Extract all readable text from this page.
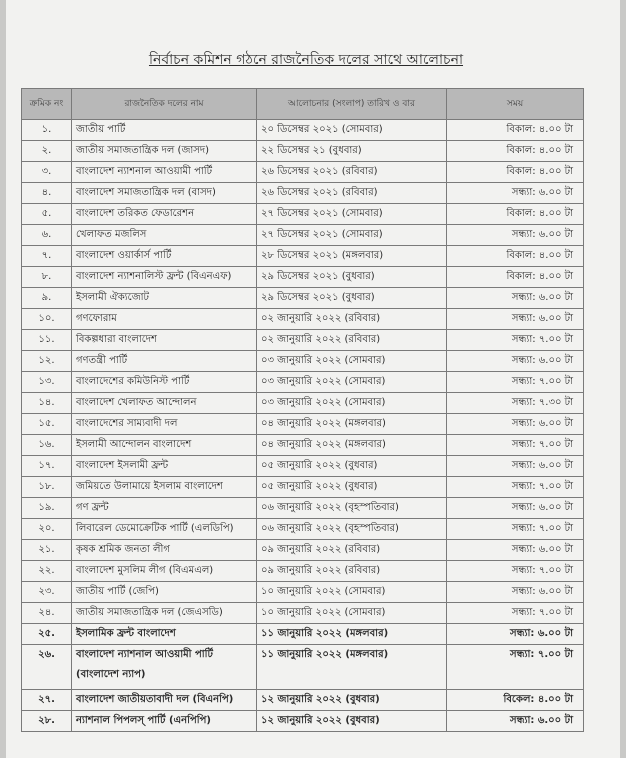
নির্বাচন কমিশন গঠনে রাজনৈতিক দলের সাথে আলোচনা
ক্রমিক নং	রাজনৈতিক দলের নাম	আলোচনার (সংলাপ) তারিখ ও বার	সময়
১.	জাতীয় পার্টি	২০ ডিসেম্বর ২০২১ (সোমবার)	বিকাল: ৪.০০ টা
২.	জাতীয় সমাজতান্ত্রিক দল (জাসদ)	২২ ডিসেম্বর ২১ (বুধবার)	বিকাল: ৪.০০ টা
৩.	বাংলাদেশ ন্যাশনাল আওয়ামী পার্টি	২৬ ডিসেম্বর ২০২১ (রবিবার)	বিকাল: ৪.০০ টা
৪.	বাংলাদেশ সমাজতান্ত্রিক দল (বাসদ)	২৬ ডিসেম্বর ২০২১ (রবিবার)	সন্ধ্যা: ৬.০০ টা
৫.	বাংলাদেশ তরিকত ফেডারেশন	২৭ ডিসেম্বর ২০২১ (সোমবার)	বিকাল: ৪.০০ টা
৬.	খেলাফত মজলিস	২৭ ডিসেম্বর ২০২১ (সোমবার)	সন্ধ্যা: ৬.০০ টা
৭.	বাংলাদেশ ওয়ার্কার্স পার্টি	২৮ ডিসেম্বর ২০২১ (মঙ্গলবার)	বিকাল: ৪.০০ টা
৮.	বাংলাদেশ ন্যাশনালিস্ট ফ্রন্ট (বিএনএফ)	২৯ ডিসেম্বর ২০২১ (বুধবার)	বিকাল: ৪.০০ টা
৯.	ইসলামী ঐক্যজোট	২৯ ডিসেম্বর ২০২১ (বুধবার)	সন্ধ্যা: ৬.০০ টা
১০.	গণফোরাম	০২ জানুয়ারি ২০২২ (রবিবার)	সন্ধ্যা: ৬.০০ টা
১১.	বিকল্পধারা বাংলাদেশ	০২ জানুয়ারি ২০২২ (রবিবার)	সন্ধ্যা: ৭.০০ টা
১২.	গণতন্ত্রী পার্টি	০৩ জানুয়ারি ২০২২ (সোমবার)	সন্ধ্যা: ৬.০০ টা
১৩.	বাংলাদেশের কমিউনিস্ট পার্টি	০৩ জানুয়ারি ২০২২ (সোমবার)	সন্ধ্যা: ৭.০০ টা
১৪.	বাংলাদেশ খেলাফত আন্দোলন	০৩ জানুয়ারি ২০২২ (সোমবার)	সন্ধ্যা: ৭.৩০ টা
১৫.	বাংলাদেশের সাম্যবাদী দল	০৪ জানুয়ারি ২০২২ (মঙ্গলবার)	সন্ধ্যা: ৬.০০ টা
১৬.	ইসলামী আন্দোলন বাংলাদেশ	০৪ জানুয়ারি ২০২২ (মঙ্গলবার)	সন্ধ্যা: ৭.০০ টা
১৭.	বাংলাদেশ ইসলামী ফ্রন্ট	০৫ জানুয়ারি ২০২২ (বুধবার)	সন্ধ্যা: ৬.০০ টা
১৮.	জমিয়তে উলামায়ে ইসলাম বাংলাদেশ	০৫ জানুয়ারি ২০২২ (বুধবার)	সন্ধ্যা: ৭.০০ টা
১৯.	গণ ফ্রন্ট	০৬ জানুয়ারি ২০২২ (বৃহস্পতিবার)	সন্ধ্যা: ৬.০০ টা
২০.	লিবারেল ডেমোক্রেটিক পার্টি (এলডিপি)	০৬ জানুয়ারি ২০২২ (বৃহস্পতিবার)	সন্ধ্যা: ৭.০০ টা
২১.	কৃষক শ্রমিক জনতা লীগ	০৯ জানুয়ারি ২০২২ (রবিবার)	সন্ধ্যা: ৬.০০ টা
২২.	বাংলাদেশ মুসলিম লীগ (বিএমএল)	০৯ জানুয়ারি ২০২২ (রবিবার)	সন্ধ্যা: ৭.০০ টা
২৩.	জাতীয় পার্টি (জেপি)	১০ জানুয়ারি ২০২২ (সোমবার)	সন্ধ্যা: ৬.০০ টা
২৪.	জাতীয় সমাজতান্ত্রিক দল (জেএসডি)	১০ জানুয়ারি ২০২২ (সোমবার)	সন্ধ্যা: ৭.০০ টা
২৫.	ইসলামিক ফ্রন্ট বাংলাদেশ	১১ জানুয়ারি ২০২২ (মঙ্গলবার)	সন্ধ্যা: ৬.০০ টা
২৬.	বাংলাদেশ ন্যাশনাল আওয়ামী পার্টি (বাংলাদেশ ন্যাপ)	১১ জানুয়ারি ২০২২ (মঙ্গলবার)	সন্ধ্যা: ৭.০০ টা
২৭.	বাংলাদেশ জাতীয়তাবাদী দল (বিএনপি)	১২ জানুয়ারি ২০২২ (বুধবার)	বিকেল: ৪.০০ টা
২৮.	ন্যাশনাল পিপলস্ পার্টি (এনপিপি)	১২ জানুয়ারি ২০২২ (বুধবার)	সন্ধ্যা: ৬.০০ টা
